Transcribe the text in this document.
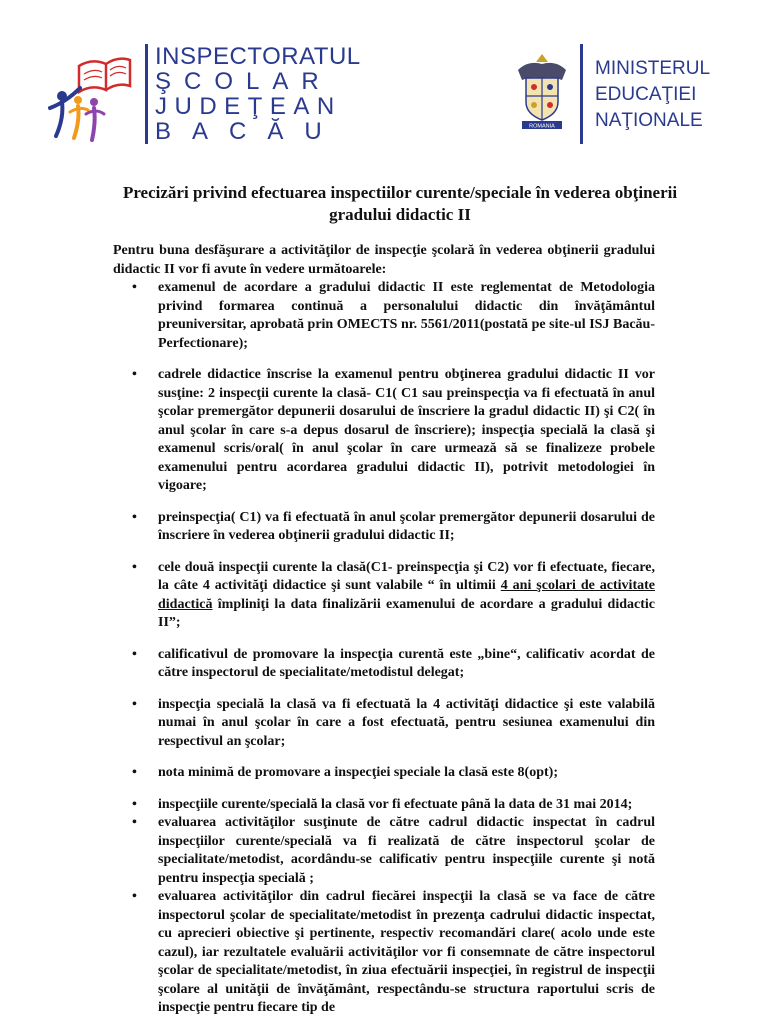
INSPECTORATUL
ŞCOLAR
JUDEŢEAN
BACĂU	ROMANIA
MINISTERUL
EDUCAŢIEI
NAŢIONALE
Precizări privind efectuarea inspectiilor curente/speciale în vederea obţinerii gradului didactic II

Pentru buna desfăşurare a activităţilor de inspecţie şcolară în vederea obţinerii gradului didactic II vor fi avute în vedere următoarele:

• examenul de acordare a gradului didactic II este reglementat de Metodologia privind formarea continuă a personalului didactic din învăţământul preuniversitar, aprobată prin OMECTS nr. 5561/2011(postată pe site-ul ISJ Bacău- Perfectionare);
• cadrele didactice înscrise la examenul pentru obţinerea gradului didactic II vor susţine: 2 inspecţii curente la clasă- C1( C1 sau preinspecţia va fi efectuată în anul şcolar premergător depunerii dosarului de înscriere la gradul didactic II) şi C2( în anul şcolar în care s-a depus dosarul de înscriere); inspecţia specială la clasă şi examenul scris/oral( în anul şcolar în care urmează să se finalizeze probele examenului pentru acordarea gradului didactic II), potrivit metodologiei în vigoare;
• preinspecţia( C1) va fi efectuată în anul şcolar premergător depunerii dosarului de înscriere în vederea obţinerii gradului didactic II;
• cele două inspecţii curente la clasă(C1- preinspecţia şi C2) vor fi efectuate, fiecare, la câte 4 activităţi didactice şi sunt valabile “ în ultimii 4 ani şcolari de activitate didactică împliniţi la data finalizării examenului de acordare a gradului didactic II”;
• calificativul de promovare la inspecţia curentă este „bine“, calificativ acordat de către inspectorul de specialitate/metodistul delegat;
• inspecţia specială la clasă va fi efectuată la 4 activităţi didactice şi este valabilă numai în anul şcolar în care a fost efectuată, pentru sesiunea examenului din respectivul an şcolar;
• nota minimă de promovare a inspecţiei speciale la clasă este 8(opt);
• inspecţiile curente/specială la clasă vor fi efectuate până la data de 31 mai 2014;
• evaluarea activităţilor susţinute de către cadrul didactic inspectat în cadrul inspecţiilor curente/specială va fi realizată de către inspectorul şcolar de specialitate/metodist, acordându-se calificativ pentru inspecţiile curente şi notă pentru inspecţia specială ;
• evaluarea activităţilor din cadrul fiecărei inspecţii la clasă se va face de către inspectorul şcolar de specialitate/metodist în prezenţa cadrului didactic inspectat, cu aprecieri obiective şi pertinente, respectiv recomandări clare( acolo unde este cazul), iar rezultatele evaluării activităţilor vor fi consemnate de către inspectorul şcolar de specialitate/metodist, în ziua efectuării inspecţiei, în registrul de inspecţii şcolare al unităţii de învăţământ, respectându-se structura raportului scris de inspecţie pentru fiecare tip de
